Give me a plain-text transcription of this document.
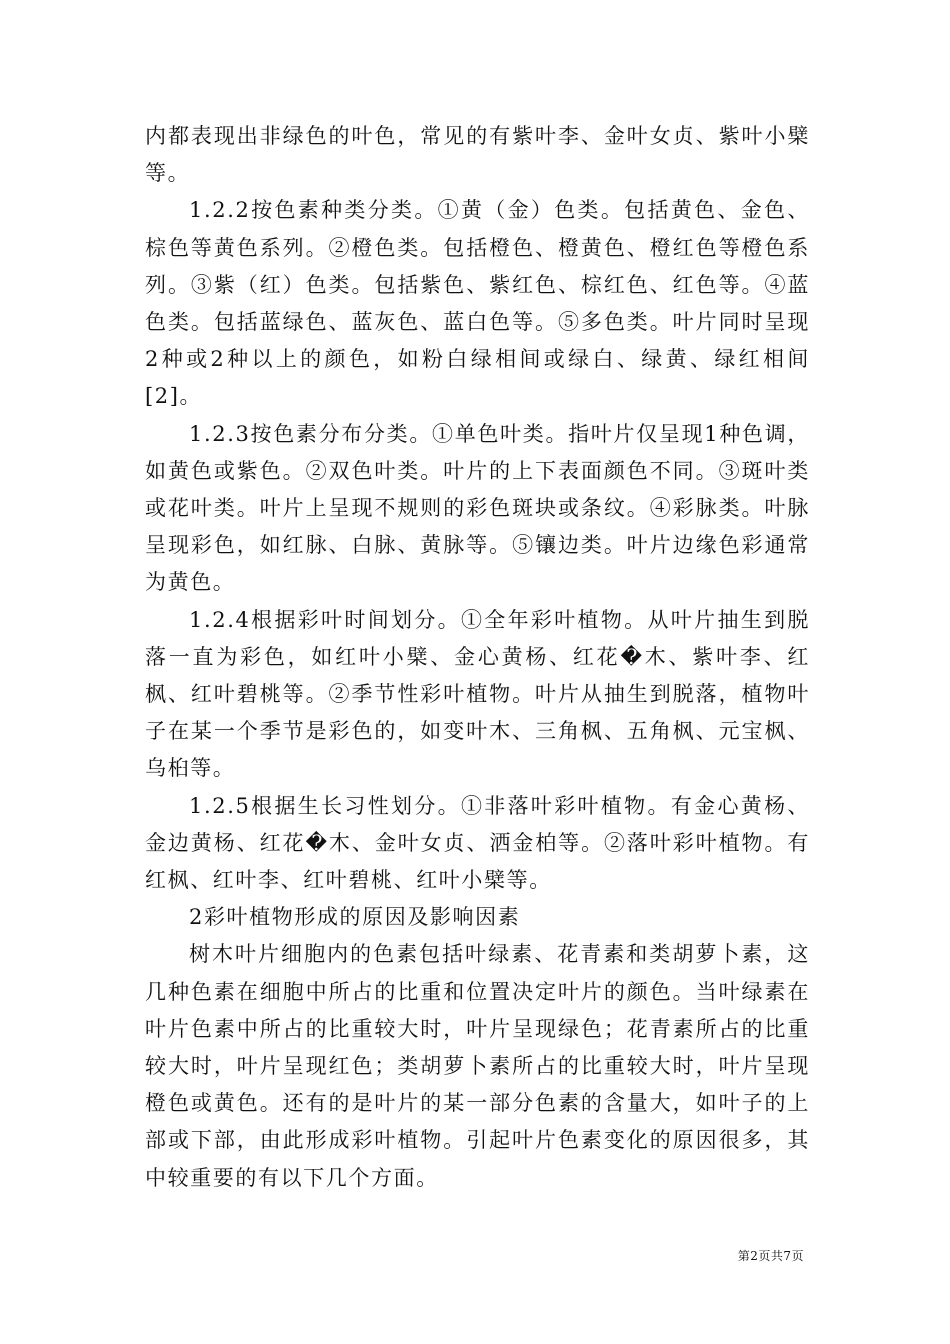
内都表现出非绿色的叶色，常见的有紫叶李、金叶女贞、紫叶小檗等。

1.2.2按色素种类分类。①黄（金）色类。包括黄色、金色、棕色等黄色系列。②橙色类。包括橙色、橙黄色、橙红色等橙色系列。③紫（红）色类。包括紫色、紫红色、棕红色、红色等。④蓝色类。包括蓝绿色、蓝灰色、蓝白色等。⑤多色类。叶片同时呈现2种或2种以上的颜色，如粉白绿相间或绿白、绿黄、绿红相间[2]。

1.2.3按色素分布分类。①单色叶类。指叶片仅呈现1种色调，如黄色或紫色。②双色叶类。叶片的上下表面颜色不同。③斑叶类或花叶类。叶片上呈现不规则的彩色斑块或条纹。④彩脉类。叶脉呈现彩色，如红脉、白脉、黄脉等。⑤镶边类。叶片边缘色彩通常为黄色。

1.2.4根据彩叶时间划分。①全年彩叶植物。从叶片抽生到脱落一直为彩色，如红叶小檗、金心黄杨、红花�木、紫叶李、红枫、红叶碧桃等。②季节性彩叶植物。叶片从抽生到脱落，植物叶子在某一个季节是彩色的，如变叶木、三角枫、五角枫、元宝枫、乌桕等。

1.2.5根据生长习性划分。①非落叶彩叶植物。有金心黄杨、金边黄杨、红花�木、金叶女贞、洒金柏等。②落叶彩叶植物。有红枫、红叶李、红叶碧桃、红叶小檗等。

2彩叶植物形成的原因及影响因素

树木叶片细胞内的色素包括叶绿素、花青素和类胡萝卜素，这几种色素在细胞中所占的比重和位置决定叶片的颜色。当叶绿素在叶片色素中所占的比重较大时，叶片呈现绿色；花青素所占的比重较大时，叶片呈现红色；类胡萝卜素所占的比重较大时，叶片呈现橙色或黄色。还有的是叶片的某一部分色素的含量大，如叶子的上部或下部，由此形成彩叶植物。引起叶片色素变化的原因很多，其中较重要的有以下几个方面。

第2页共7页
